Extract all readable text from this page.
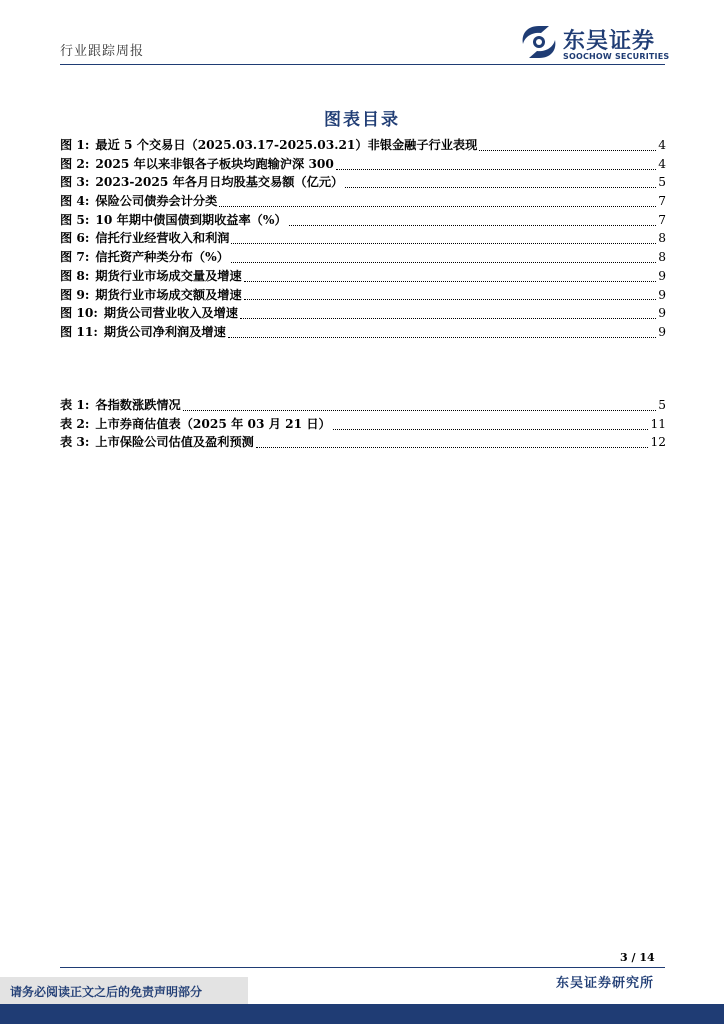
行业跟踪周报	东吴证券
SOOCHOW SECURITIES
图表目录
图 1: 最近 5 个交易日（2025.03.17-2025.03.21）非银金融子行业表现	4
图 2: 2025 年以来非银各子板块均跑输沪深 300	4
图 3: 2023-2025 年各月日均股基交易额（亿元）	5
图 4: 保险公司债券会计分类	7
图 5: 10 年期中债国债到期收益率（%）	7
图 6: 信托行业经营收入和利润	8
图 7: 信托资产种类分布（%）	8
图 8: 期货行业市场成交量及增速	9
图 9: 期货行业市场成交额及增速	9
图 10: 期货公司营业收入及增速	9
图 11: 期货公司净利润及增速	9
表 1: 各指数涨跌情况	5
表 2: 上市券商估值表（2025 年 03 月 21 日）	11
表 3: 上市保险公司估值及盈利预测	12
3 / 14
东吴证券研究所
请务必阅读正文之后的免责声明部分
